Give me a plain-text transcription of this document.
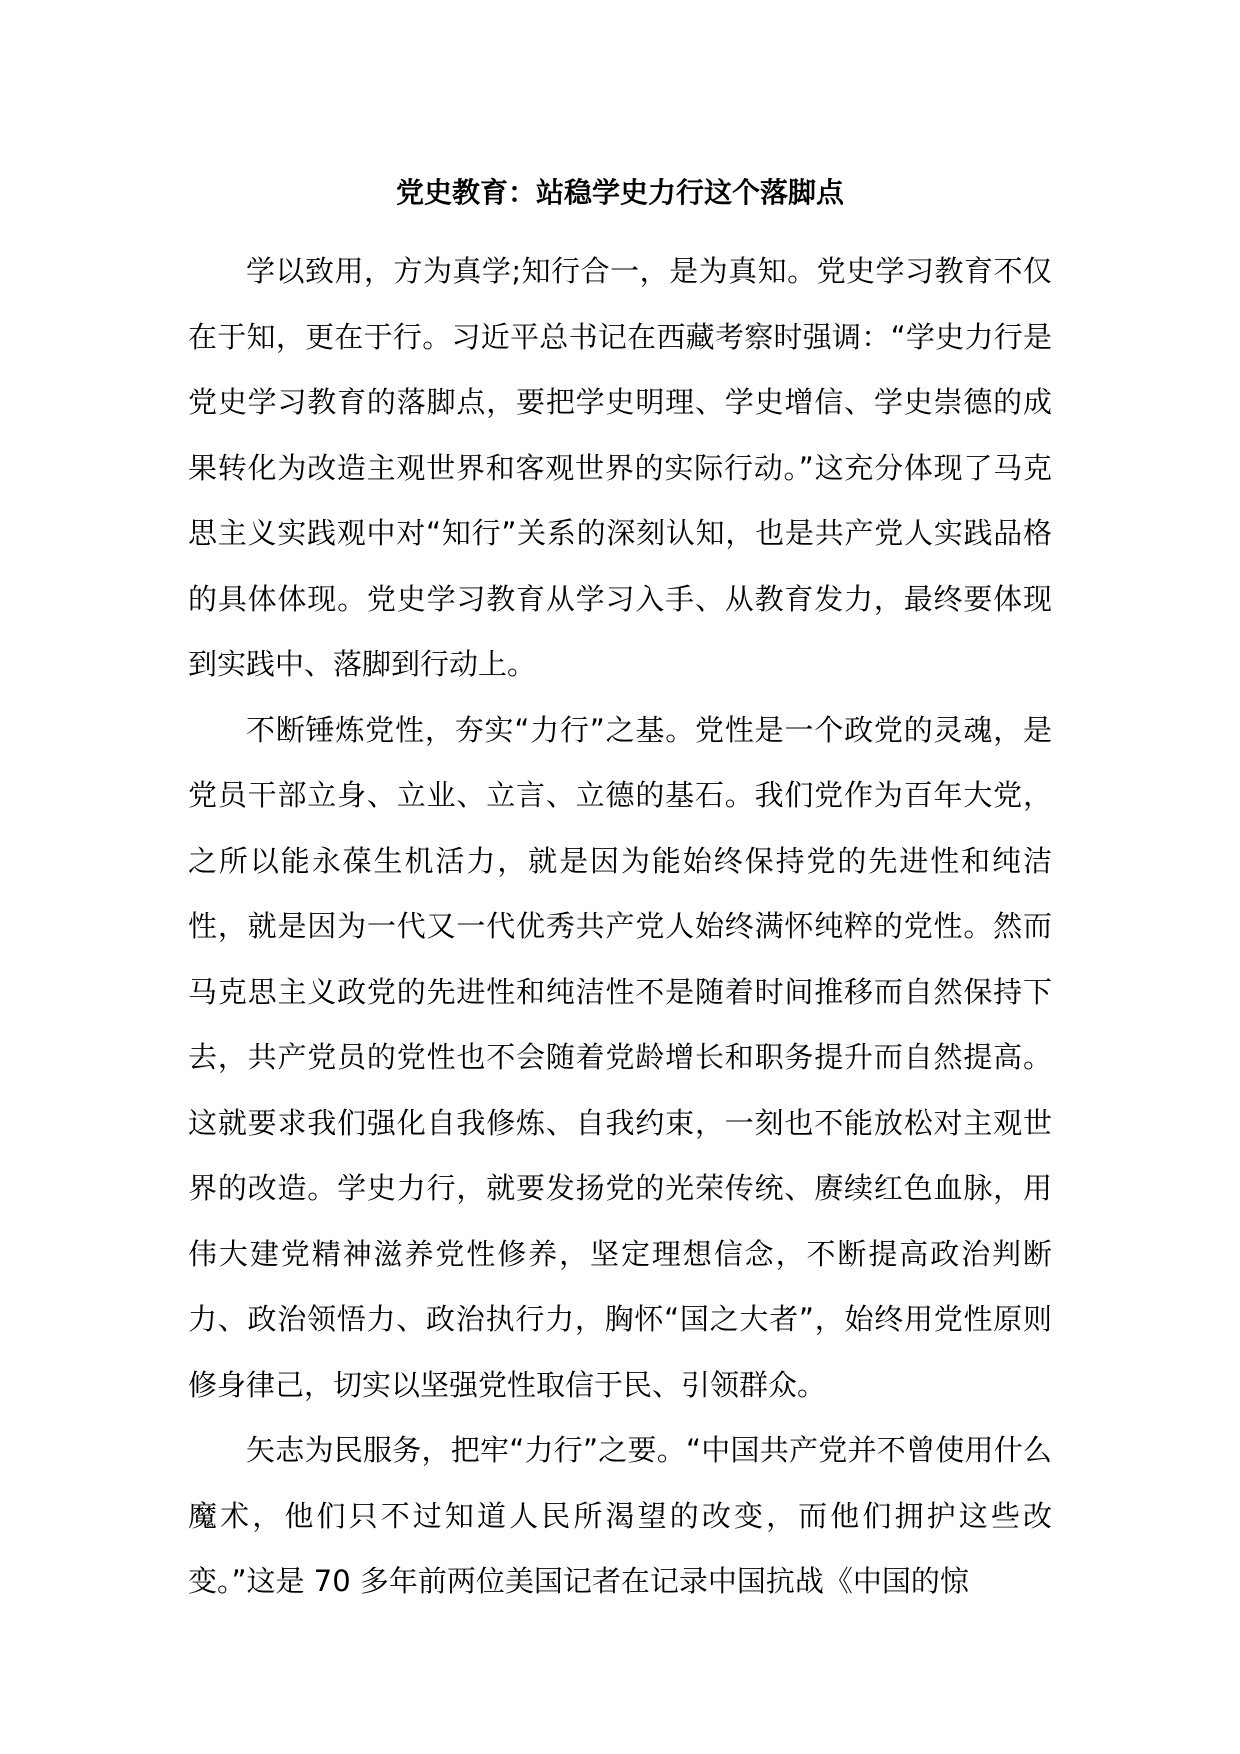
党史教育：站稳学史力行这个落脚点

学以致用，方为真学;知行合一，是为真知。党史学习教育不仅在于知，更在于行。习近平总书记在西藏考察时强调：“学史力行是党史学习教育的落脚点，要把学史明理、学史增信、学史崇德的成果转化为改造主观世界和客观世界的实际行动。”这充分体现了马克思主义实践观中对“知行”关系的深刻认知，也是共产党人实践品格的具体体现。党史学习教育从学习入手、从教育发力，最终要体现到实践中、落脚到行动上。

不断锤炼党性，夯实“力行”之基。党性是一个政党的灵魂，是党员干部立身、立业、立言、立德的基石。我们党作为百年大党，之所以能永葆生机活力，就是因为能始终保持党的先进性和纯洁性，就是因为一代又一代优秀共产党人始终满怀纯粹的党性。然而马克思主义政党的先进性和纯洁性不是随着时间推移而自然保持下去，共产党员的党性也不会随着党龄增长和职务提升而自然提高。这就要求我们强化自我修炼、自我约束，一刻也不能放松对主观世界的改造。学史力行，就要发扬党的光荣传统、赓续红色血脉，用伟大建党精神滋养党性修养，坚定理想信念，不断提高政治判断力、政治领悟力、政治执行力，胸怀“国之大者”，始终用党性原则修身律己，切实以坚强党性取信于民、引领群众。

矢志为民服务，把牢“力行”之要。“中国共产党并不曾使用什么魔术，他们只不过知道人民所渴望的改变，而他们拥护这些改变。”这是 70 多年前两位美国记者在记录中国抗战《中国的惊
